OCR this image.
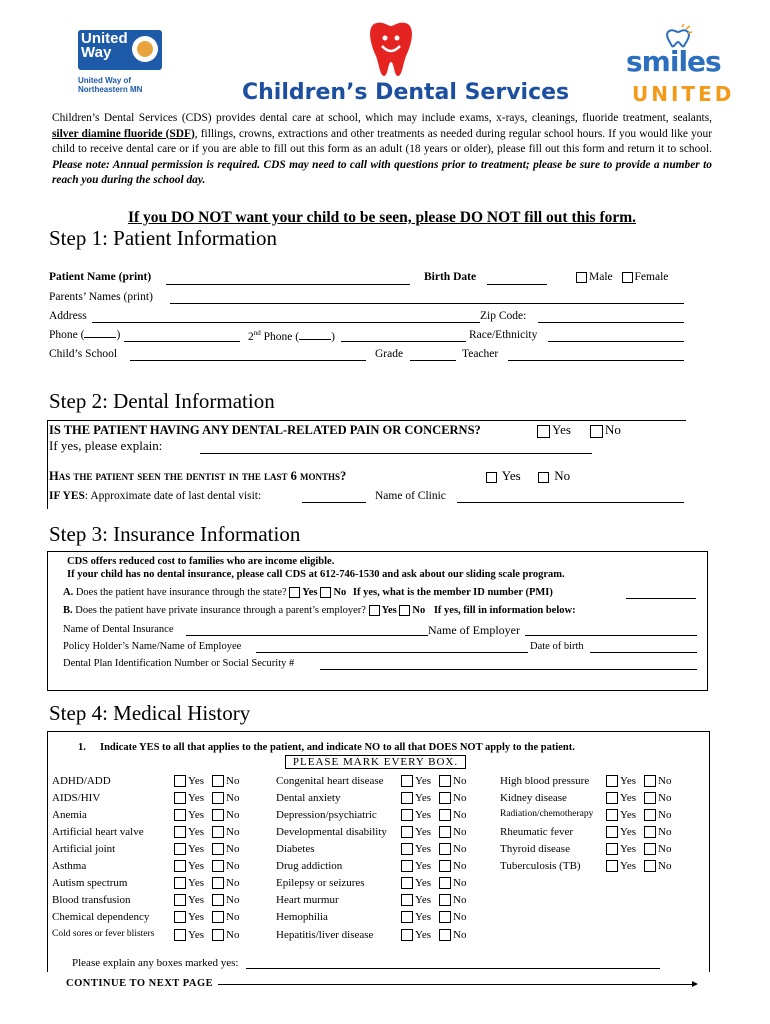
United Way
United Way of
Northeastern MN	Children’s Dental Services
smiles
UNITED
Children’s Dental Services (CDS) provides dental care at school, which may include exams, x-rays, cleanings, fluoride treatment, sealants, silver diamine fluoride (SDF), fillings, crowns, extractions and other treatments as needed during regular school hours. If you would like your child to receive dental care or if you are able to fill out this form as an adult (18 years or older), please fill out this form and return it to school. Please note: Annual permission is required. CDS may need to call with questions prior to treatment; please be sure to provide a number to reach you during the school day.
If you DO NOT want your child to be seen, please DO NOT fill out this form.
Step 1: Patient Information
Patient Name (print)	Birth Date	Male Female
Parents’ Names (print)
Address	Zip Code:
Phone (	)	2nd Phone (	)	Race/Ethnicity
Child’s School	Grade	Teacher
Step 2: Dental Information
IS THE PATIENT HAVING ANY DENTAL-RELATED PAIN OR CONCERNS?	Yes	No
If yes, please explain:
Has the patient seen the dentist in the last 6 months?	Yes	No
IF YES: Approximate date of last dental visit:	Name of Clinic
Step 3: Insurance Information
CDS offers reduced cost to families who are income eligible.
If your child has no dental insurance, please call CDS at 612-746-1530 and ask about our sliding scale program.
A. Does the patient have insurance through the state? Yes No If yes, what is the member ID number (PMI)
B. Does the patient have private insurance through a parent’s employer? Yes No If yes, fill in information below:
Name of Dental Insurance	Name of Employer
Policy Holder’s Name/Name of Employee	Date of birth
Dental Plan Identification Number or Social Security #
Step 4: Medical History
1. Indicate YES to all that applies to the patient, and indicate NO to all that DOES NOT apply to the patient.
PLEASE MARK EVERY BOX.
ADHD/ADD	Yes No
AIDS/HIV	Yes No
Anemia	Yes No
Artificial heart valve	Yes No
Artificial joint	Yes No
Asthma	Yes No
Autism spectrum	Yes No
Blood transfusion	Yes No
Chemical dependency	Yes No
Cold sores or fever blisters	Yes No
Congenital heart disease	Yes No
Dental anxiety	Yes No
Depression/psychiatric	Yes No
Developmental disability	Yes No
Diabetes	Yes No
Drug addiction	Yes No
Epilepsy or seizures	Yes No
Heart murmur	Yes No
Hemophilia	Yes No
Hepatitis/liver disease	Yes No
High blood pressure	Yes No
Kidney disease	Yes No
Radiation/chemotherapy	Yes No
Rheumatic fever	Yes No
Thyroid disease	Yes No
Tuberculosis (TB)	Yes No
Please explain any boxes marked yes:
CONTINUE TO NEXT PAGE
